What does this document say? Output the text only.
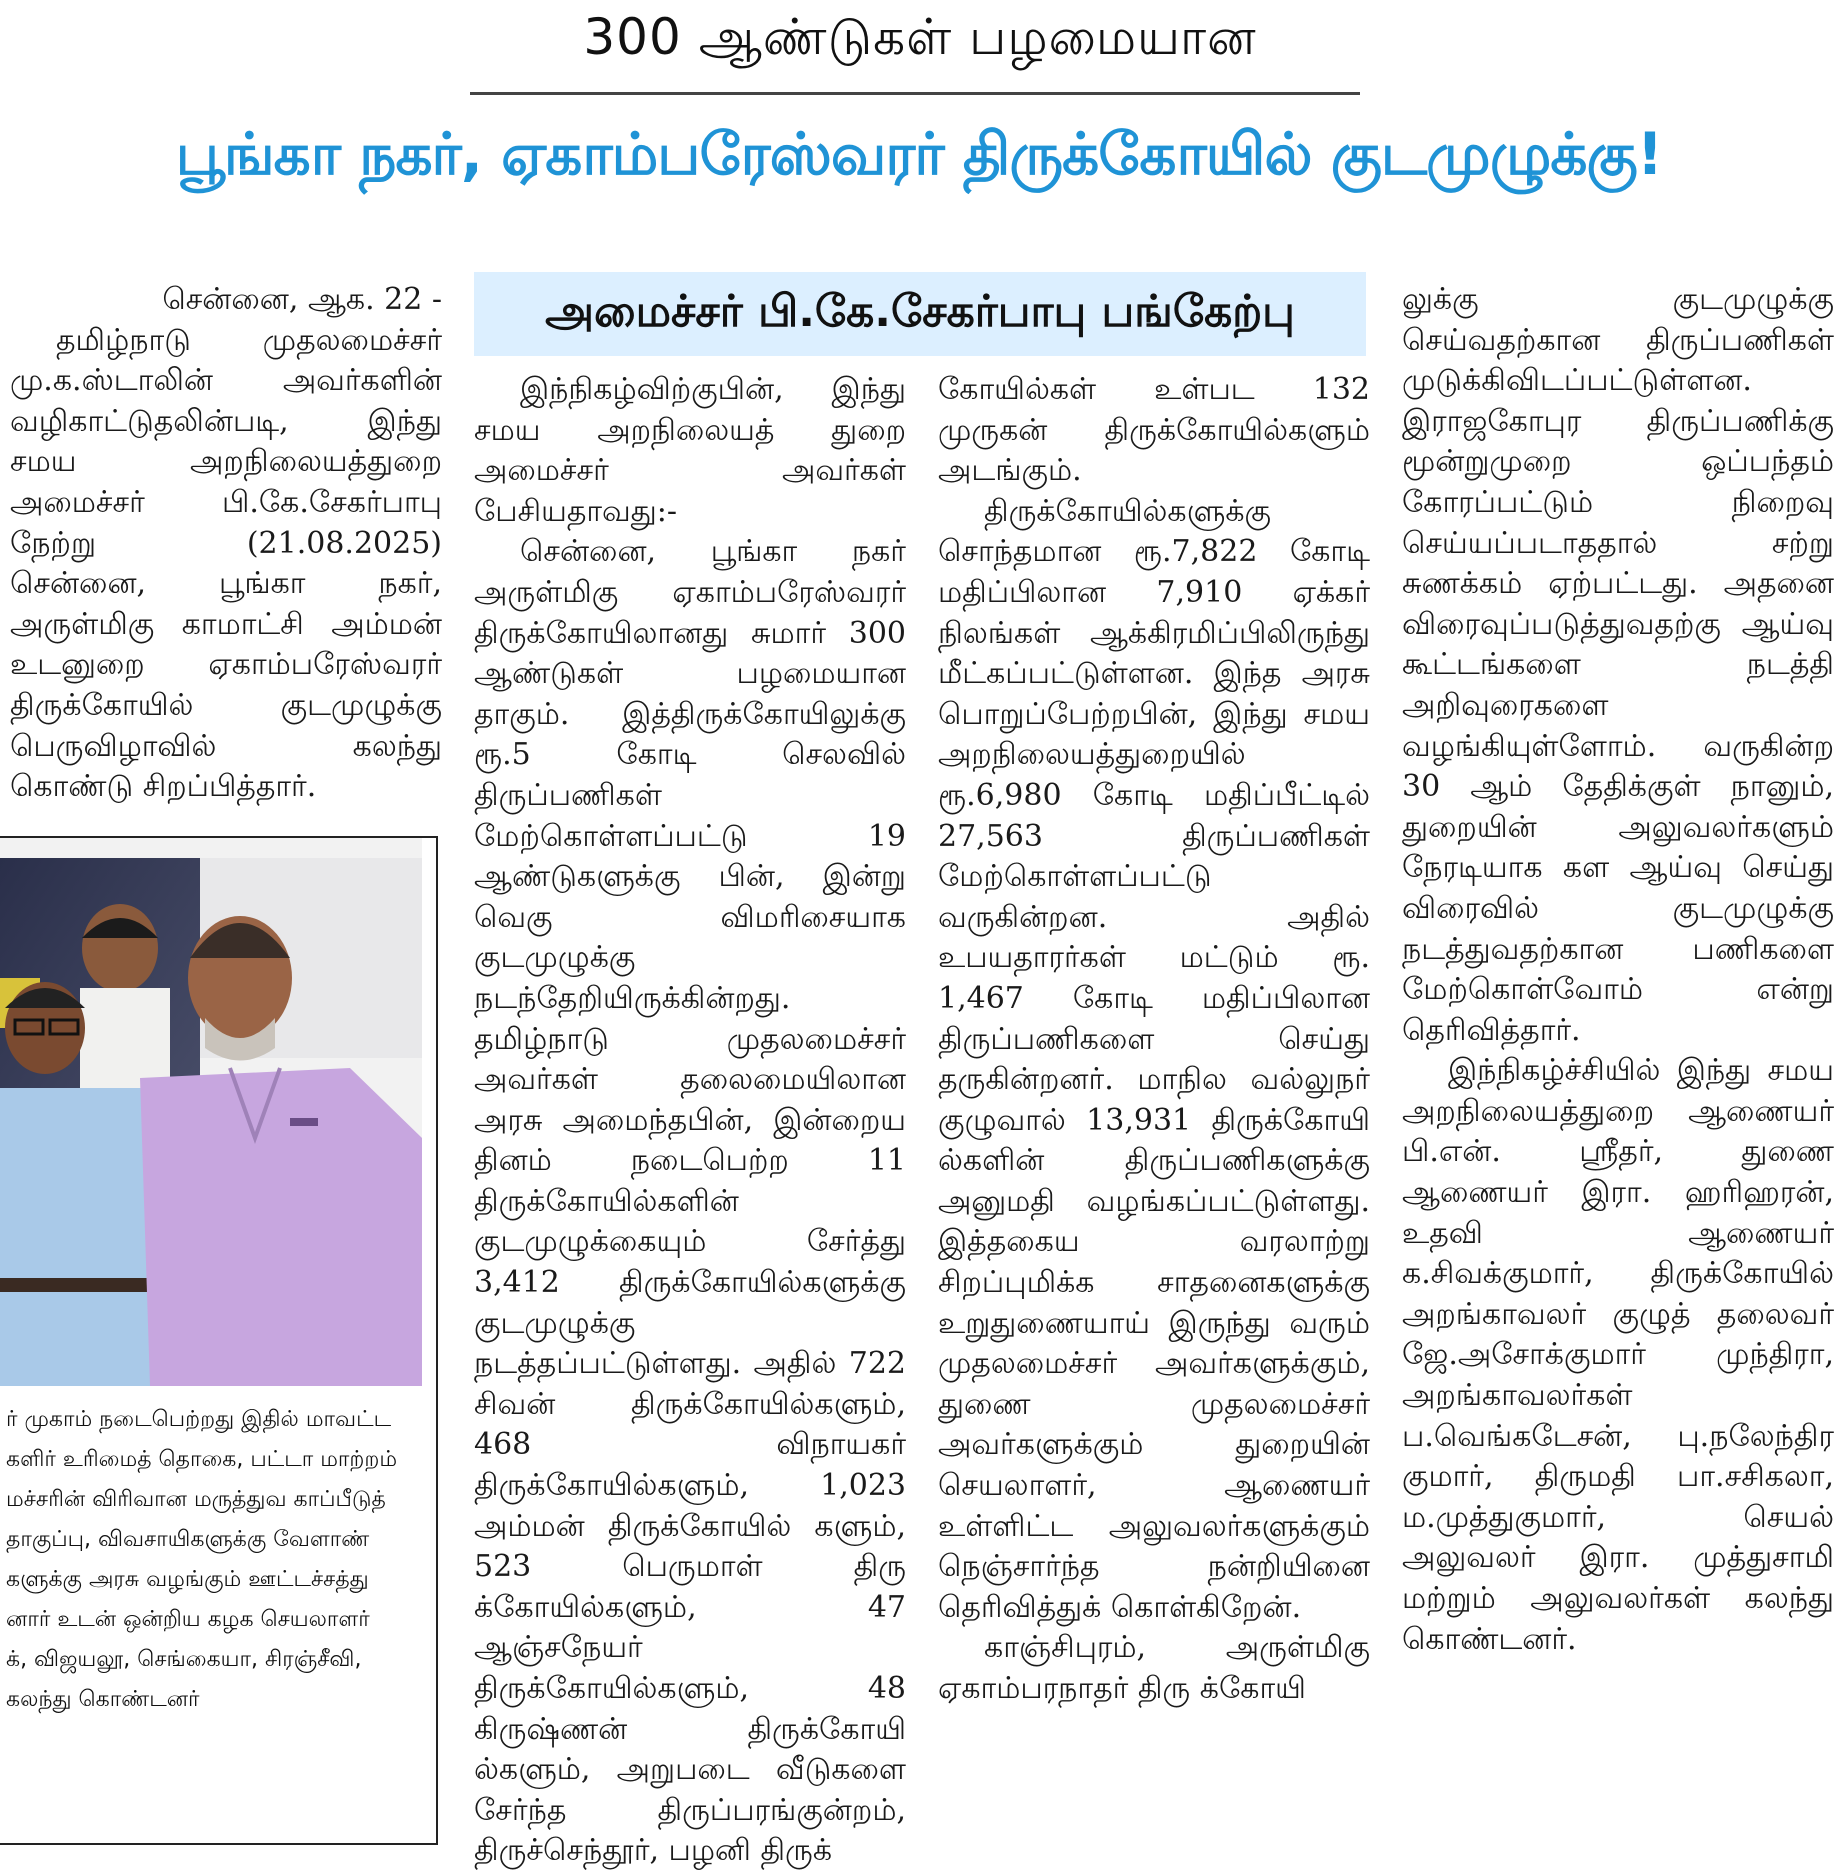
300 ஆண்டுகள் பழமையான
பூங்கா நகர், ஏகாம்பரேஸ்வரர் திருக்கோயில் குடமுழுக்கு!
அமைச்சர் பி.கே.சேகர்பாபு பங்கேற்பு

சென்னை, ஆக. 22 -

தமிழ்நாடு முதலமைச்சர் மு.க.ஸ்டாலின் அவர்களின் வழிகாட்டுதலின்படி, இந்து சமய அறநிலையத்துறை அமைச்சர் பி.கே.சேகர்பாபு நேற்று (21.08.2025) சென்னை, பூங்கா நகர், அருள்மிகு காமாட்சி அம்மன் உடனுறை ஏகாம்பரேஸ்வரர் திருக்கோயில் குடமுழுக்கு பெருவிழாவில் கலந்து கொண்டு சிறப்பித்தார்.

ர் முகாம் நடைபெற்றது இதில் மாவட்ட
களிர் உரிமைத் தொகை, பட்டா மாற்றம்
மச்சரின் விரிவான மருத்துவ காப்பீடுத்
தாகுப்பு, விவசாயிகளுக்கு வேளாண்
களுக்கு அரசு வழங்கும் ஊட்டச்சத்து
னார் உடன் ஒன்றிய கழக செயலாளர்
க், விஜயலூ, செங்கையா, சிரஞ்சீவி,
கலந்து கொண்டனர்

இந்நிகழ்விற்குபின், இந்து சமய அறநிலையத் துறை அமைச்சர் அவர்கள் பேசியதாவது:-

சென்னை, பூங்கா நகர் அருள்மிகு ஏகாம்பரேஸ்வரர் திருக்கோயிலானது சுமார் 300 ஆண்டுகள் பழமையான தாகும். இத்திருக்கோயிலுக்கு ரூ.5 கோடி செலவில் திருப்பணிகள் மேற்கொள்ளப்பட்டு 19 ஆண்டுகளுக்கு பின், இன்று வெகு விமரிசையாக குடமுழுக்கு நடந்தேறியிருக்கின்றது. தமிழ்நாடு முதலமைச்சர் அவர்கள் தலைமையிலான அரசு அமைந்தபின், இன்றைய தினம் நடைபெற்ற 11 திருக்கோயில்களின் குடமுழுக்கையும் சேர்த்து 3,412 திருக்கோயில்களுக்கு குடமுழுக்கு நடத்தப்பட்டுள்ளது. அதில் 722 சிவன் திருக்கோயில்களும், 468 விநாயகர் திருக்கோயில்களும், 1,023 அம்மன் திருக்கோயில் களும், 523 பெருமாள் திரு க்கோயில்களும், 47 ஆஞ்சநேயர் திருக்கோயில்களும், 48 கிருஷ்ணன் திருக்கோயி ல்களும், அறுபடை வீடுகளை சேர்ந்த திருப்பரங்குன்றம், திருச்செந்தூர், பழனி திருக்

கோயில்கள் உள்பட 132 முருகன் திருக்கோயில்களும் அடங்கும்.

திருக்கோயில்களுக்கு சொந்தமான ரூ.7,822 கோடி மதிப்பிலான 7,910 ஏக்கர் நிலங்கள் ஆக்கிரமிப்பிலிருந்து மீட்கப்பட்டுள்ளன. இந்த அரசு பொறுப்பேற்றபின், இந்து சமய அறநிலையத்துறையில் ரூ.6,980 கோடி மதிப்பீட்டில் 27,563 திருப்பணிகள் மேற்கொள்ளப்பட்டு வருகின்றன. அதில் உபயதாரர்கள் மட்டும் ரூ. 1,467 கோடி மதிப்பிலான திருப்பணிகளை செய்து தருகின்றனர். மாநில வல்லுநர் குழுவால் 13,931 திருக்கோயி ல்களின் திருப்பணிகளுக்கு அனுமதி வழங்கப்பட்டுள்ளது. இத்தகைய வரலாற்று சிறப்புமிக்க சாதனைகளுக்கு உறுதுணையாய் இருந்து வரும் முதலமைச்சர் அவர்களுக்கும், துணை முதலமைச்சர் அவர்களுக்கும் துறையின் செயலாளர், ஆணையர் உள்ளிட்ட அலுவலர்களுக்கும் நெஞ்சார்ந்த நன்றியினை தெரிவித்துக் கொள்கிறேன்.

காஞ்சிபுரம், அருள்மிகு ஏகாம்பரநாதர் திரு க்கோயி

லுக்கு குடமுழுக்கு செய்வதற்கான திருப்பணிகள் முடுக்கிவிடப்பட்டுள்ளன. இராஜகோபுர திருப்பணிக்கு மூன்றுமுறை ஒப்பந்தம் கோரப்பட்டும் நிறைவு செய்யப்படாததால் சற்று சுணக்கம் ஏற்பட்டது. அதனை விரைவுப்படுத்துவதற்கு ஆய்வு கூட்டங்களை நடத்தி அறிவுரைகளை வழங்கியுள்ளோம். வருகின்ற 30 ஆம் தேதிக்குள் நானும், துறையின் அலுவலர்களும் நேரடியாக கள ஆய்வு செய்து விரைவில் குடமுழுக்கு நடத்துவதற்கான பணிகளை மேற்கொள்வோம் என்று தெரிவித்தார்.

இந்நிகழ்ச்சியில் இந்து சமய அறநிலையத்துறை ஆணையர் பி.என். ஸ்ரீதர், துணை ஆணையர் இரா. ஹரிஹரன், உதவி ஆணையர் க.சிவக்குமார், திருக்கோயில் அறங்காவலர் குழுத் தலைவர் ஜே.அசோக்குமார் முந்திரா, அறங்காவலர்கள் ப.வெங்கடேசன், பு.நலேந்திர குமார், திருமதி பா.சசிகலா, ம.முத்துகுமார், செயல் அலுவலர் இரா. முத்துசாமி மற்றும் அலுவலர்கள் கலந்து கொண்டனர்.
